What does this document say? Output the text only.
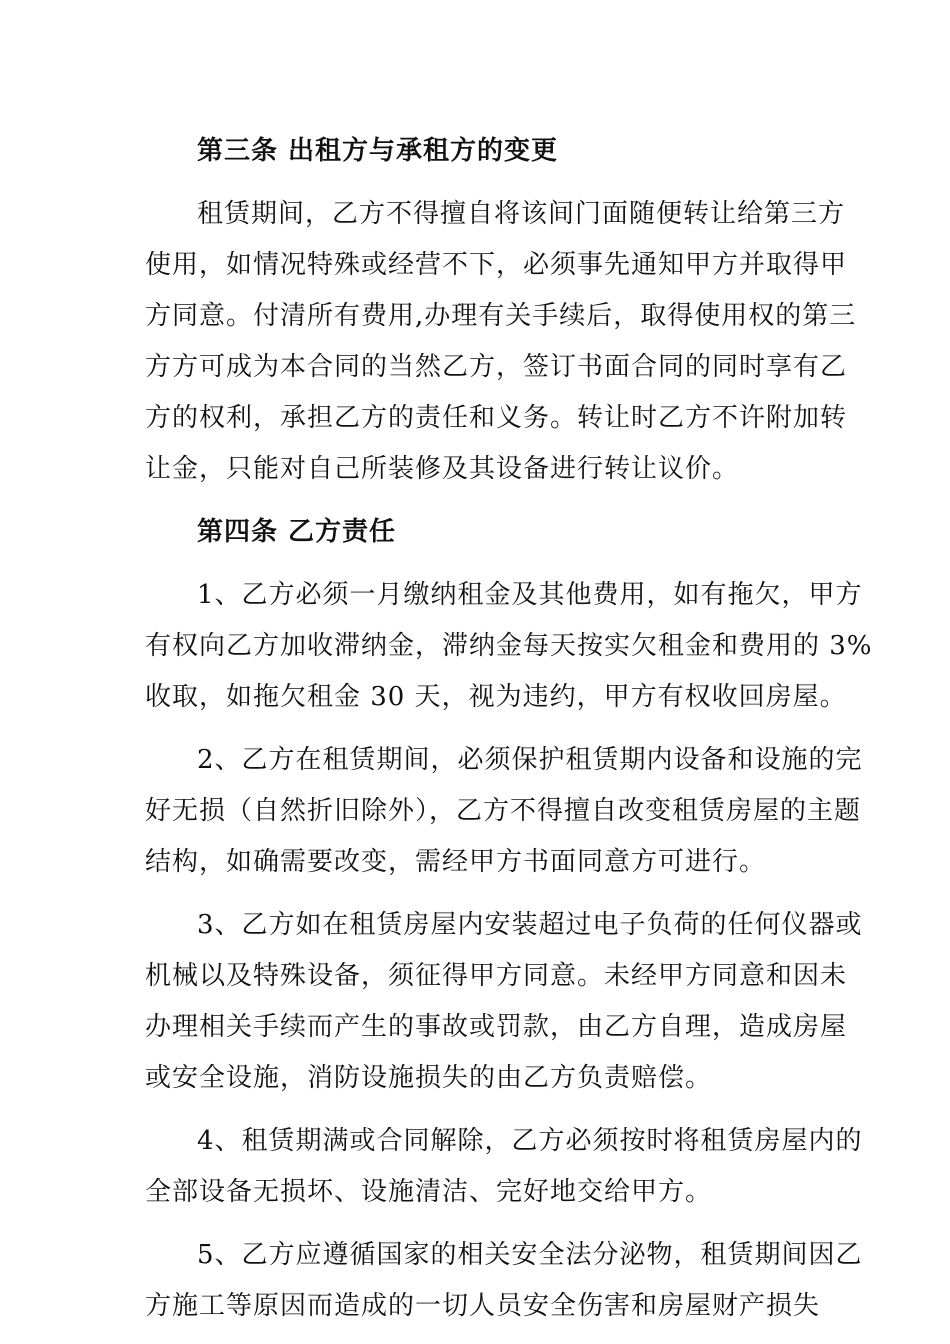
第三条 出租方与承租方的变更
租赁期间，乙方不得擅自将该间门面随便转让给第三方
使用，如情况特殊或经营不下，必须事先通知甲方并取得甲
方同意。付清所有费用,办理有关手续后，取得使用权的第三
方方可成为本合同的当然乙方，签订书面合同的同时享有乙
方的权利，承担乙方的责任和义务。转让时乙方不许附加转
让金，只能对自己所装修及其设备进行转让议价。
第四条 乙方责任
1、乙方必须一月缴纳租金及其他费用，如有拖欠，甲方
有权向乙方加收滞纳金，滞纳金每天按实欠租金和费用的 3%
收取，如拖欠租金 30 天，视为违约，甲方有权收回房屋。
2、乙方在租赁期间，必须保护租赁期内设备和设施的完
好无损（自然折旧除外），乙方不得擅自改变租赁房屋的主题
结构，如确需要改变，需经甲方书面同意方可进行。
3、乙方如在租赁房屋内安装超过电子负荷的任何仪器或
机械以及特殊设备，须征得甲方同意。未经甲方同意和因未
办理相关手续而产生的事故或罚款，由乙方自理，造成房屋
或安全设施，消防设施损失的由乙方负责赔偿。
4、租赁期满或合同解除，乙方必须按时将租赁房屋内的
全部设备无损坏、设施清洁、完好地交给甲方。
5、乙方应遵循国家的相关安全法分泌物，租赁期间因乙
方施工等原因而造成的一切人员安全伤害和房屋财产损失
